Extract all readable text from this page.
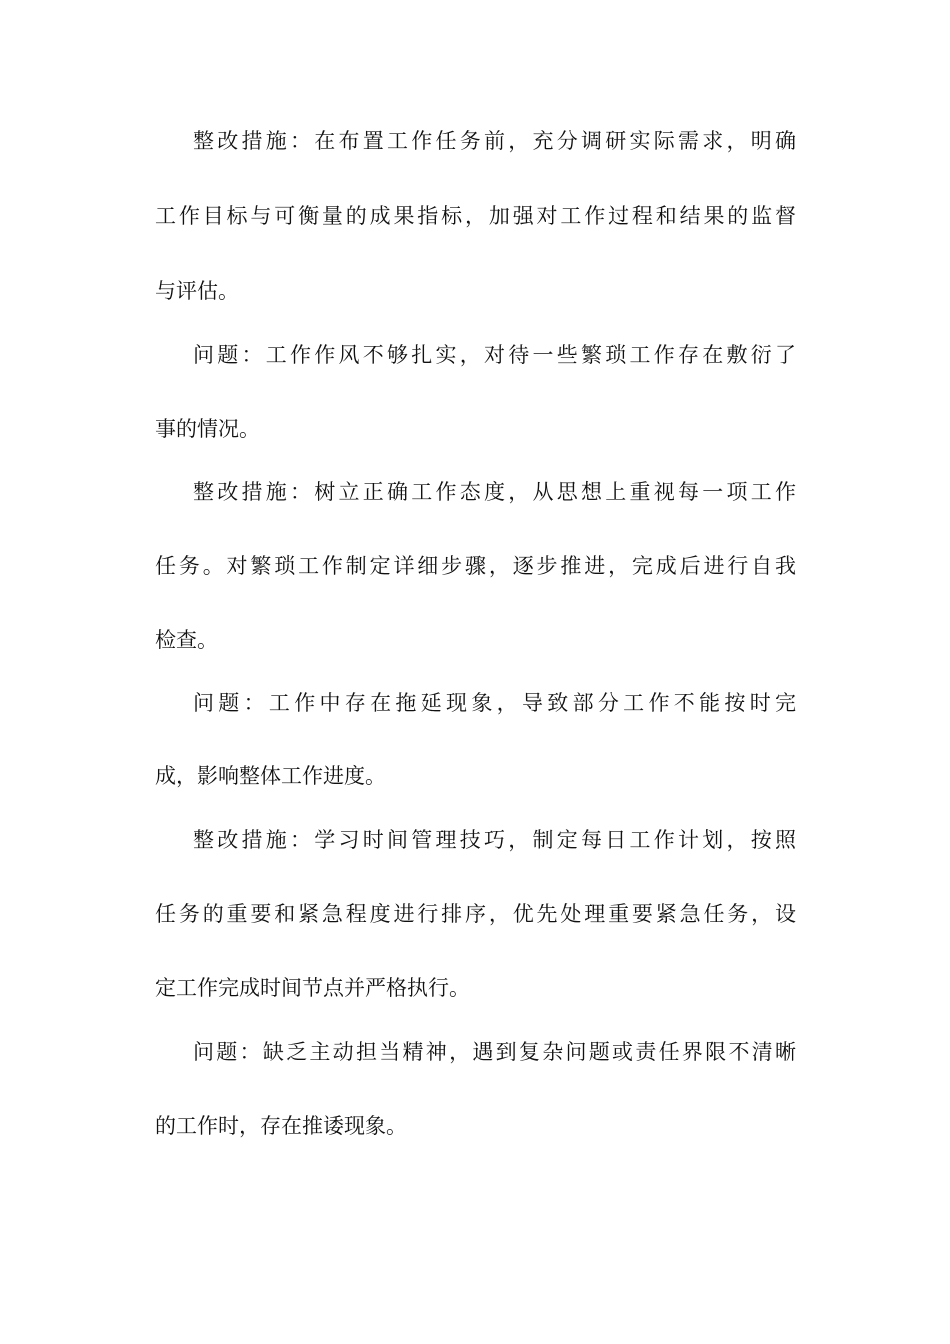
整改措施：在布置工作任务前，充分调研实际需求，明确
工作目标与可衡量的成果指标，加强对工作过程和结果的监督
与评估。
问题：工作作风不够扎实，对待一些繁琐工作存在敷衍了
事的情况。
整改措施：树立正确工作态度，从思想上重视每一项工作
任务。对繁琐工作制定详细步骤，逐步推进，完成后进行自我
检查。
问题：工作中存在拖延现象，导致部分工作不能按时完
成，影响整体工作进度。
整改措施：学习时间管理技巧，制定每日工作计划，按照
任务的重要和紧急程度进行排序，优先处理重要紧急任务，设
定工作完成时间节点并严格执行。
问题：缺乏主动担当精神，遇到复杂问题或责任界限不清晰
的工作时，存在推诿现象。
